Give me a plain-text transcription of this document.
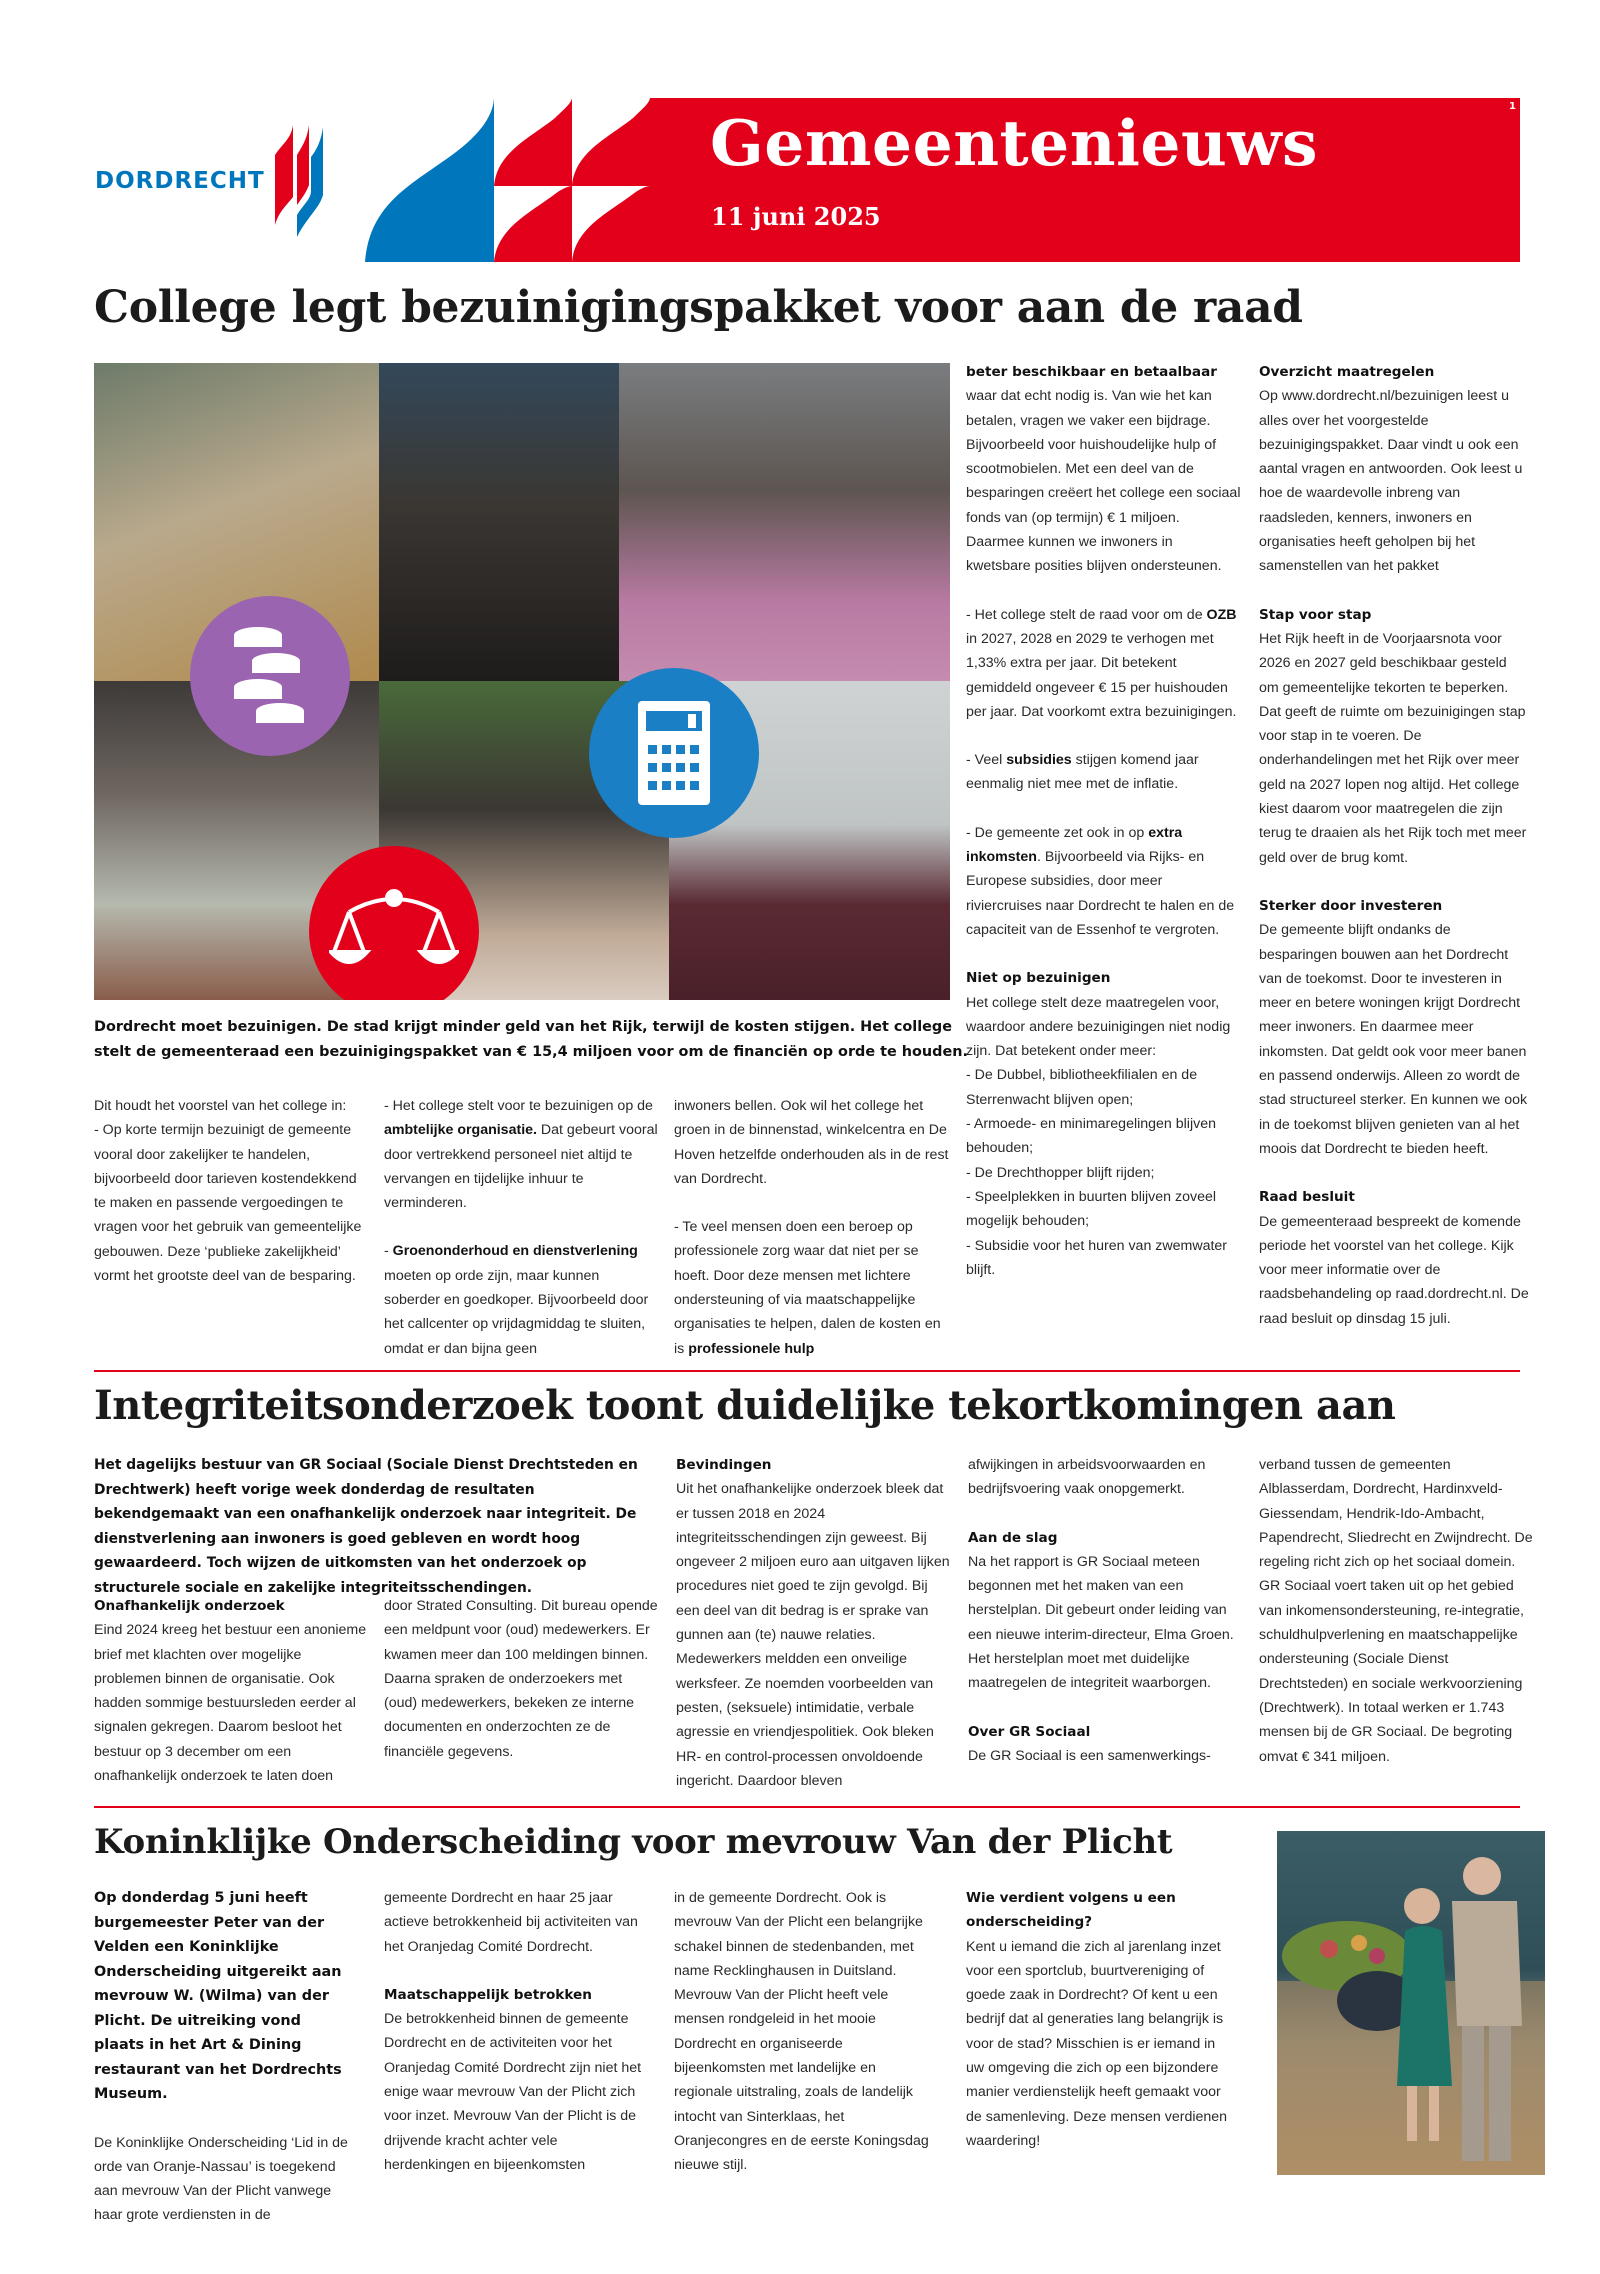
DORDRECHT
Gemeentenieuws
11 juni 2025
1
College legt bezuinigingspakket voor aan de raad
Dordrecht moet bezuinigen. De stad krijgt minder geld van het Rijk, terwijl de kosten stijgen. Het college stelt de gemeenteraad een bezuinigingspakket van € 15,4 miljoen voor om de financiën op orde te houden.

Dit houdt het voorstel van het college in:

- Op korte termijn bezuinigt de gemeente vooral door zakelijker te handelen, bijvoorbeeld door tarieven kostendekkend te maken en passende vergoedingen te vragen voor het gebruik van gemeentelijke gebouwen. Deze ‘publieke zakelijkheid’ vormt het grootste deel van de besparing.

- Het college stelt voor te bezuinigen op de ambtelijke organisatie. Dat gebeurt vooral door vertrekkend personeel niet altijd te vervangen en tijdelijke inhuur te verminderen.

- Groenonderhoud en dienstverlening moeten op orde zijn, maar kunnen soberder en goedkoper. Bijvoorbeeld door het callcenter op vrijdagmiddag te sluiten, omdat er dan bijna geen

inwoners bellen. Ook wil het college het groen in de binnenstad, winkelcentra en De Hoven hetzelfde onderhouden als in de rest van Dordrecht.

- Te veel mensen doen een beroep op professionele zorg waar dat niet per se hoeft. Door deze mensen met lichtere ondersteuning of via maatschappelijke organisaties te helpen, dalen de kosten en is professionele hulp

beter beschikbaar en betaalbaar

waar dat echt nodig is. Van wie het kan betalen, vragen we vaker een bijdrage. Bijvoorbeeld voor huishoudelijke hulp of scootmobielen. Met een deel van de besparingen creëert het college een sociaal fonds van (op termijn) € 1 miljoen. Daarmee kunnen we inwoners in kwetsbare posities blijven ondersteunen.

- Het college stelt de raad voor om de OZB in 2027, 2028 en 2029 te verhogen met 1,33% extra per jaar. Dit betekent gemiddeld ongeveer € 15 per huishouden per jaar. Dat voorkomt extra bezuinigingen.

- Veel subsidies stijgen komend jaar eenmalig niet mee met de inflatie.

- De gemeente zet ook in op extra inkomsten. Bijvoorbeeld via Rijks- en Europese subsidies, door meer riviercruises naar Dordrecht te halen en de capaciteit van de Essenhof te vergroten.

Niet op bezuinigen

Het college stelt deze maatregelen voor, waardoor andere bezuinigingen niet nodig zijn. Dat betekent onder meer:

- De Dubbel, bibliotheekfilialen en de Sterrenwacht blijven open;

- Armoede- en minimaregelingen blijven behouden;

- De Drechthopper blijft rijden;

- Speelplekken in buurten blijven zoveel mogelijk behouden;

- Subsidie voor het huren van zwemwater blijft.

Overzicht maatregelen

Op www.dordrecht.nl/bezuinigen leest u alles over het voorgestelde bezuinigingspakket. Daar vindt u ook een aantal vragen en antwoorden. Ook leest u hoe de waardevolle inbreng van raadsleden, kenners, inwoners en organisaties heeft geholpen bij het samenstellen van het pakket

Stap voor stap

Het Rijk heeft in de Voorjaarsnota voor 2026 en 2027 geld beschikbaar gesteld om gemeentelijke tekorten te beperken. Dat geeft de ruimte om bezuinigingen stap voor stap in te voeren. De onderhandelingen met het Rijk over meer geld na 2027 lopen nog altijd. Het college kiest daarom voor maatregelen die zijn terug te draaien als het Rijk toch met meer geld over de brug komt.

Sterker door investeren

De gemeente blijft ondanks de besparingen bouwen aan het Dordrecht van de toekomst. Door te investeren in meer en betere woningen krijgt Dordrecht meer inwoners. En daarmee meer inkomsten. Dat geldt ook voor meer banen en passend onderwijs. Alleen zo wordt de stad structureel sterker. En kunnen we ook in de toekomst blijven genieten van al het moois dat Dordrecht te bieden heeft.

Raad besluit

De gemeenteraad bespreekt de komende periode het voorstel van het college. Kijk voor meer informatie over de raadsbehandeling op raad.dordrecht.nl. De raad besluit op dinsdag 15 juli.

Integriteitsonderzoek toont duidelijke tekortkomingen aan
Het dagelijks bestuur van GR Sociaal (Sociale Dienst Drechtsteden en Drechtwerk) heeft vorige week donderdag de resultaten bekendgemaakt van een onafhankelijk onderzoek naar integriteit. De dienstverlening aan inwoners is goed gebleven en wordt hoog gewaardeerd. Toch wijzen de uitkomsten van het onderzoek op structurele sociale en zakelijke integriteitsschendingen.

Onafhankelijk onderzoek

Eind 2024 kreeg het bestuur een anonieme brief met klachten over mogelijke problemen binnen de organisatie. Ook hadden sommige bestuursleden eerder al signalen gekregen. Daarom besloot het bestuur op 3 december om een onafhankelijk onderzoek te laten doen

door Strated Consulting. Dit bureau opende een meldpunt voor (oud) medewerkers. Er kwamen meer dan 100 meldingen binnen. Daarna spraken de onderzoekers met (oud) medewerkers, bekeken ze interne documenten en onderzochten ze de financiële gegevens.

Bevindingen

Uit het onafhankelijke onderzoek bleek dat er tussen 2018 en 2024 integriteitsschendingen zijn geweest. Bij ongeveer 2 miljoen euro aan uitgaven lijken procedures niet goed te zijn gevolgd. Bij een deel van dit bedrag is er sprake van gunnen aan (te) nauwe relaties. Medewerkers meldden een onveilige werksfeer. Ze noemden voorbeelden van pesten, (seksuele) intimidatie, verbale agressie en vriendjespolitiek. Ook bleken HR- en control-processen onvoldoende ingericht. Daardoor bleven

afwijkingen in arbeidsvoorwaarden en bedrijfsvoering vaak onopgemerkt.

Aan de slag

Na het rapport is GR Sociaal meteen begonnen met het maken van een herstelplan. Dit gebeurt onder leiding van een nieuwe interim-directeur, Elma Groen. Het herstelplan moet met duidelijke maatregelen de integriteit waarborgen.

Over GR Sociaal

De GR Sociaal is een samenwerkings-

verband tussen de gemeenten Alblasserdam, Dordrecht, Hardinxveld-Giessendam, Hendrik-Ido-Ambacht, Papendrecht, Sliedrecht en Zwijndrecht. De regeling richt zich op het sociaal domein. GR Sociaal voert taken uit op het gebied van inkomensondersteuning, re-integratie, schuldhulpverlening en maatschappelijke ondersteuning (Sociale Dienst Drechtsteden) en sociale werkvoorziening (Drechtwerk). In totaal werken er 1.743 mensen bij de GR Sociaal. De begroting omvat € 341 miljoen.

Koninklijke Onderscheiding voor mevrouw Van der Plicht

Op donderdag 5 juni heeft burgemeester Peter van der Velden een Koninklijke Onderscheiding uitgereikt aan mevrouw W. (Wilma) van der Plicht. De uitreiking vond plaats in het Art & Dining restaurant van het Dordrechts Museum.

De Koninklijke Onderscheiding ‘Lid in de orde van Oranje-Nassau’ is toegekend aan mevrouw Van der Plicht vanwege haar grote verdiensten in de

gemeente Dordrecht en haar 25 jaar actieve betrokkenheid bij activiteiten van het Oranjedag Comité Dordrecht.

Maatschappelijk betrokken

De betrokkenheid binnen de gemeente Dordrecht en de activiteiten voor het Oranjedag Comité Dordrecht zijn niet het enige waar mevrouw Van der Plicht zich voor inzet. Mevrouw Van der Plicht is de drijvende kracht achter vele herdenkingen en bijeenkomsten

in de gemeente Dordrecht. Ook is mevrouw Van der Plicht een belangrijke schakel binnen de stedenbanden, met name Recklinghausen in Duitsland. Mevrouw Van der Plicht heeft vele mensen rondgeleid in het mooie Dordrecht en organiseerde bijeenkomsten met landelijke en regionale uitstraling, zoals de landelijk intocht van Sinterklaas, het Oranjecongres en de eerste Koningsdag nieuwe stijl.

Wie verdient volgens u een onderscheiding?

Kent u iemand die zich al jarenlang inzet voor een sportclub, buurtvereniging of goede zaak in Dordrecht? Of kent u een bedrijf dat al generaties lang belangrijk is voor de stad? Misschien is er iemand in uw omgeving die zich op een bijzondere manier verdienstelijk heeft gemaakt voor de samenleving. Deze mensen verdienen waardering!
